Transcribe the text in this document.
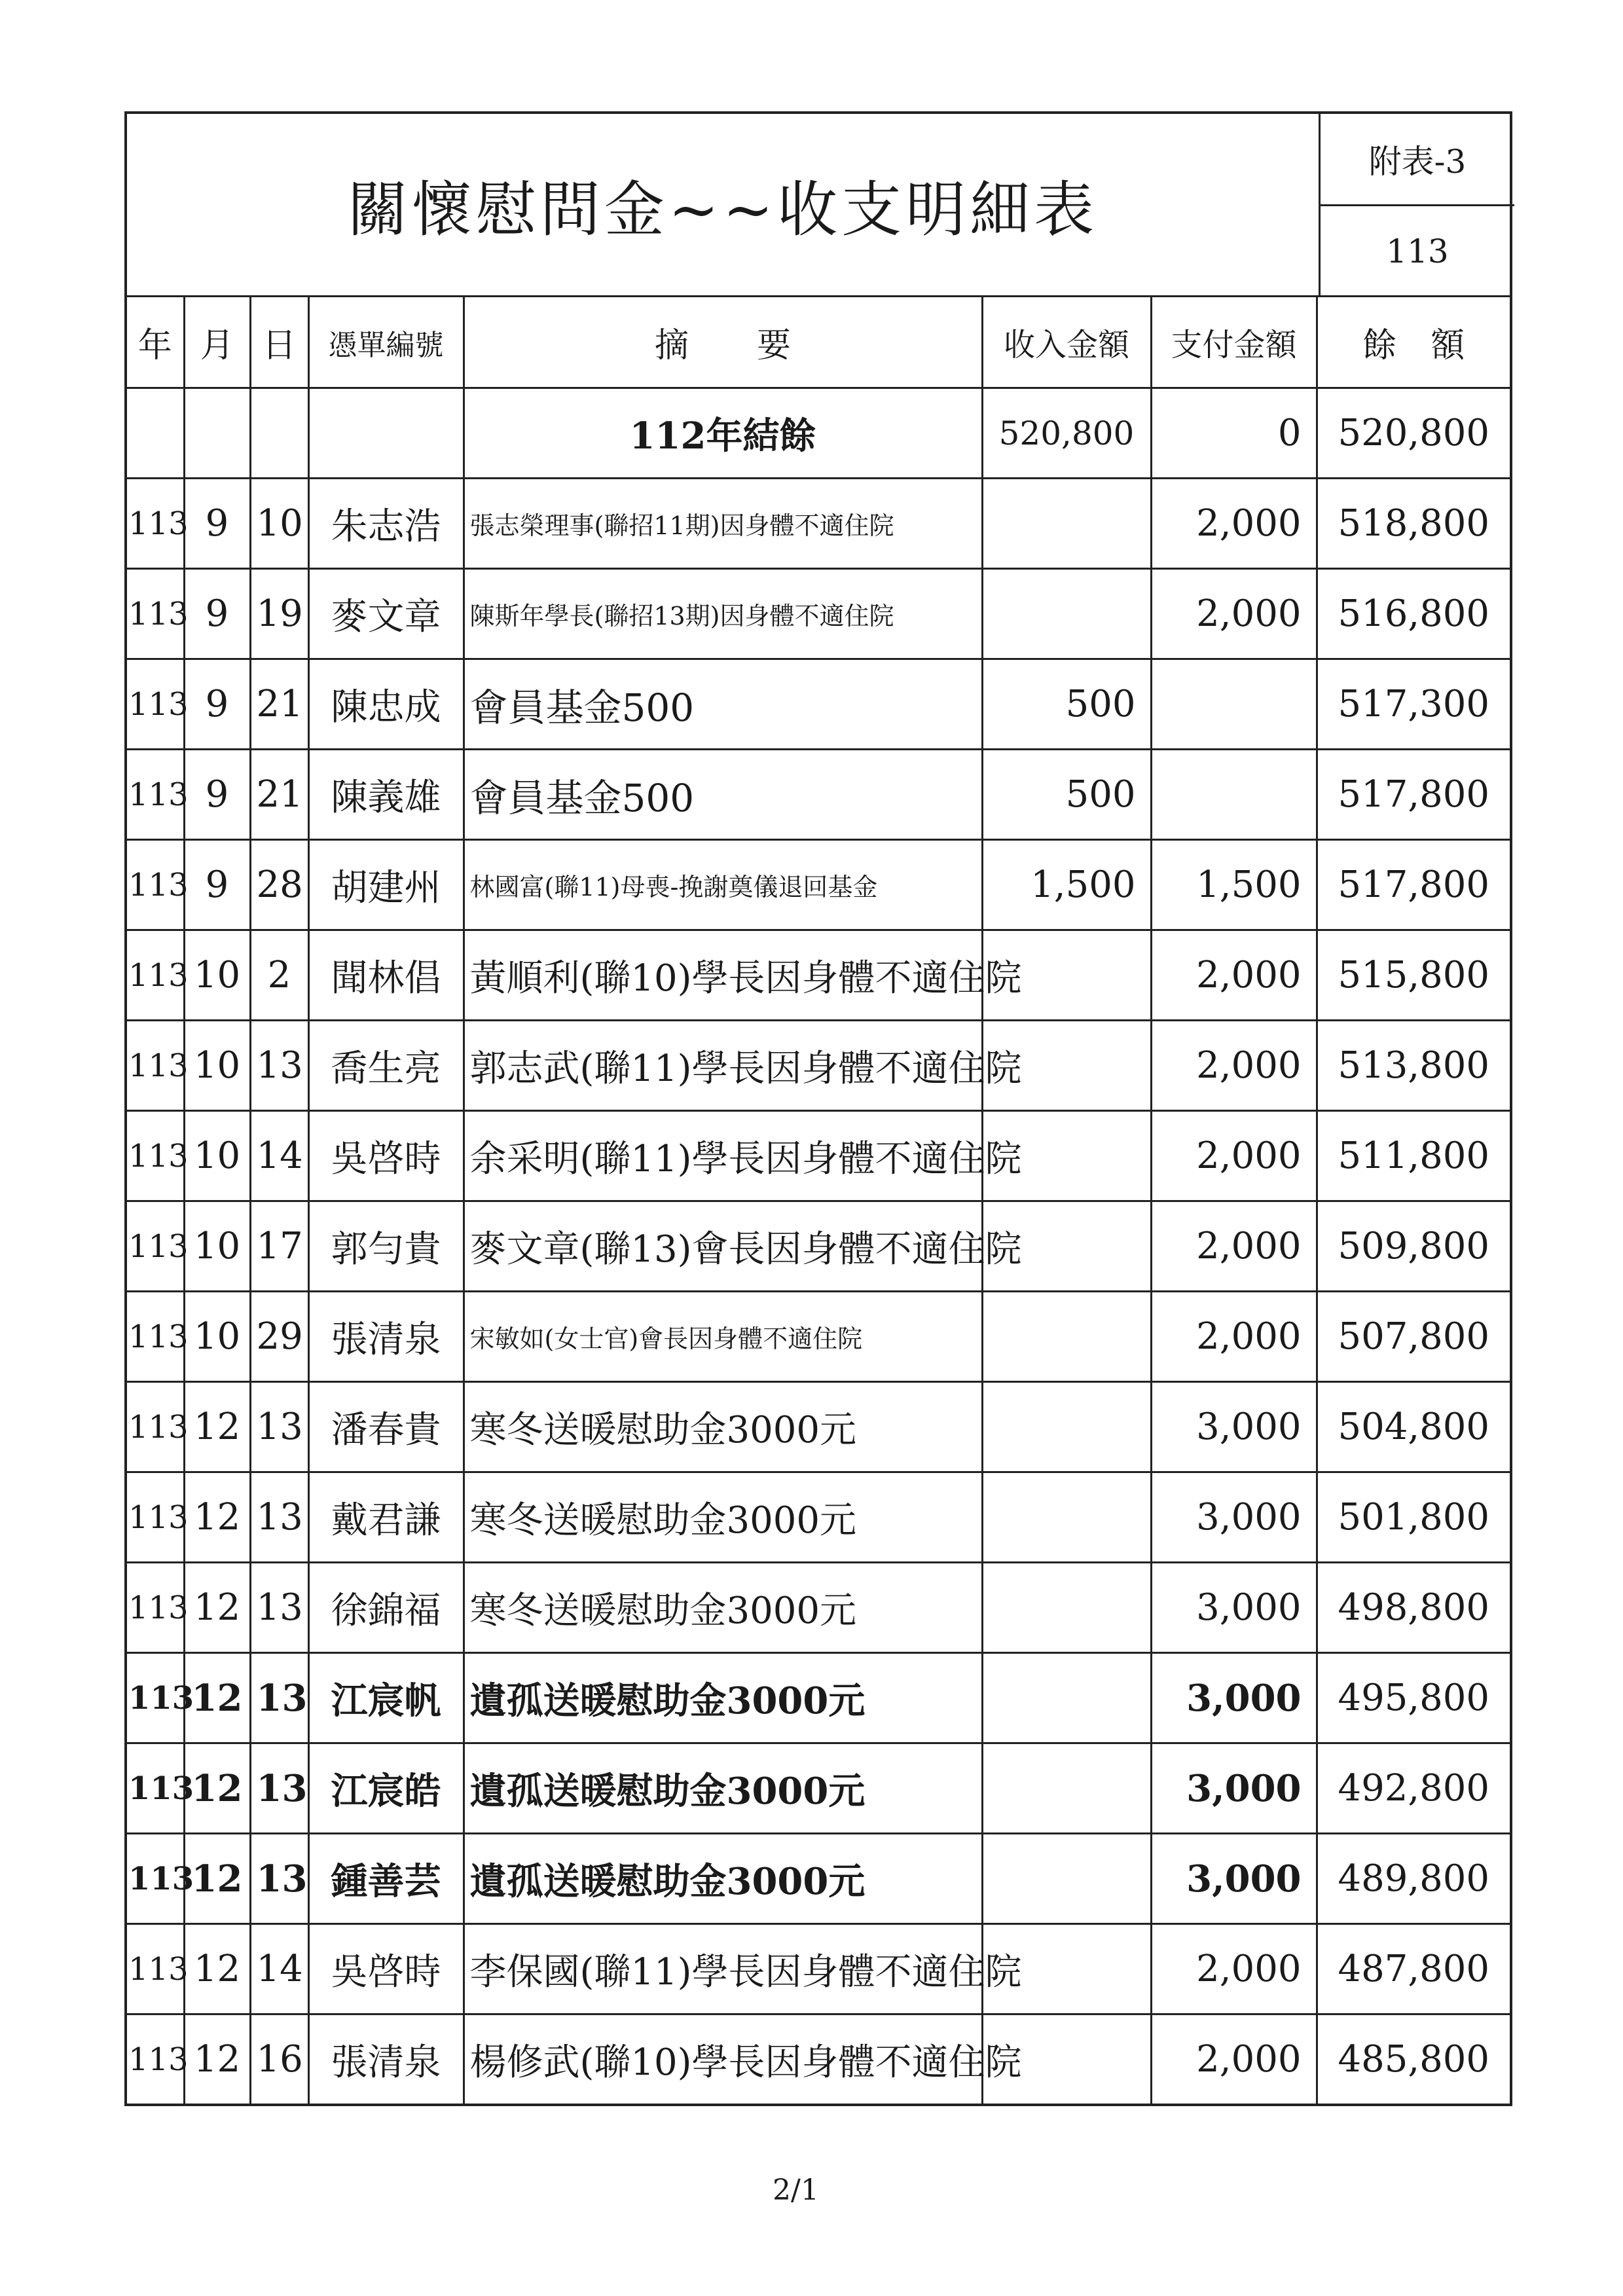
關懷慰問金~~收支明細表
附表-3
113
年	月	日	憑單編號	摘　　要	收入金額	支付金額	餘　額
				112年結餘	520,800	0	520,800
113	9	10	朱志浩	張志榮理事(聯招11期)因身體不適住院		2,000	518,800
113	9	19	麥文章	陳斯年學長(聯招13期)因身體不適住院		2,000	516,800
113	9	21	陳忠成	會員基金500	500		517,300
113	9	21	陳義雄	會員基金500	500		517,800
113	9	28	胡建州	林國富(聯11)母喪-挽謝奠儀退回基金	1,500	1,500	517,800
113	10	2	聞林倡	黃順利(聯10)學長因身體不適住院		2,000	515,800
113	10	13	喬生亮	郭志武(聯11)學長因身體不適住院		2,000	513,800
113	10	14	吳啓時	余采明(聯11)學長因身體不適住院		2,000	511,800
113	10	17	郭勻貴	麥文章(聯13)會長因身體不適住院		2,000	509,800
113	10	29	張清泉	宋敏如(女士官)會長因身體不適住院		2,000	507,800
113	12	13	潘春貴	寒冬送暖慰助金3000元		3,000	504,800
113	12	13	戴君謙	寒冬送暖慰助金3000元		3,000	501,800
113	12	13	徐錦福	寒冬送暖慰助金3000元		3,000	498,800
113	12	13	江宸帆	遺孤送暖慰助金3000元		3,000	495,800
113	12	13	江宸皓	遺孤送暖慰助金3000元		3,000	492,800
113	12	13	鍾善芸	遺孤送暖慰助金3000元		3,000	489,800
113	12	14	吳啓時	李保國(聯11)學長因身體不適住院		2,000	487,800
113	12	16	張清泉	楊修武(聯10)學長因身體不適住院		2,000	485,800
2/1
